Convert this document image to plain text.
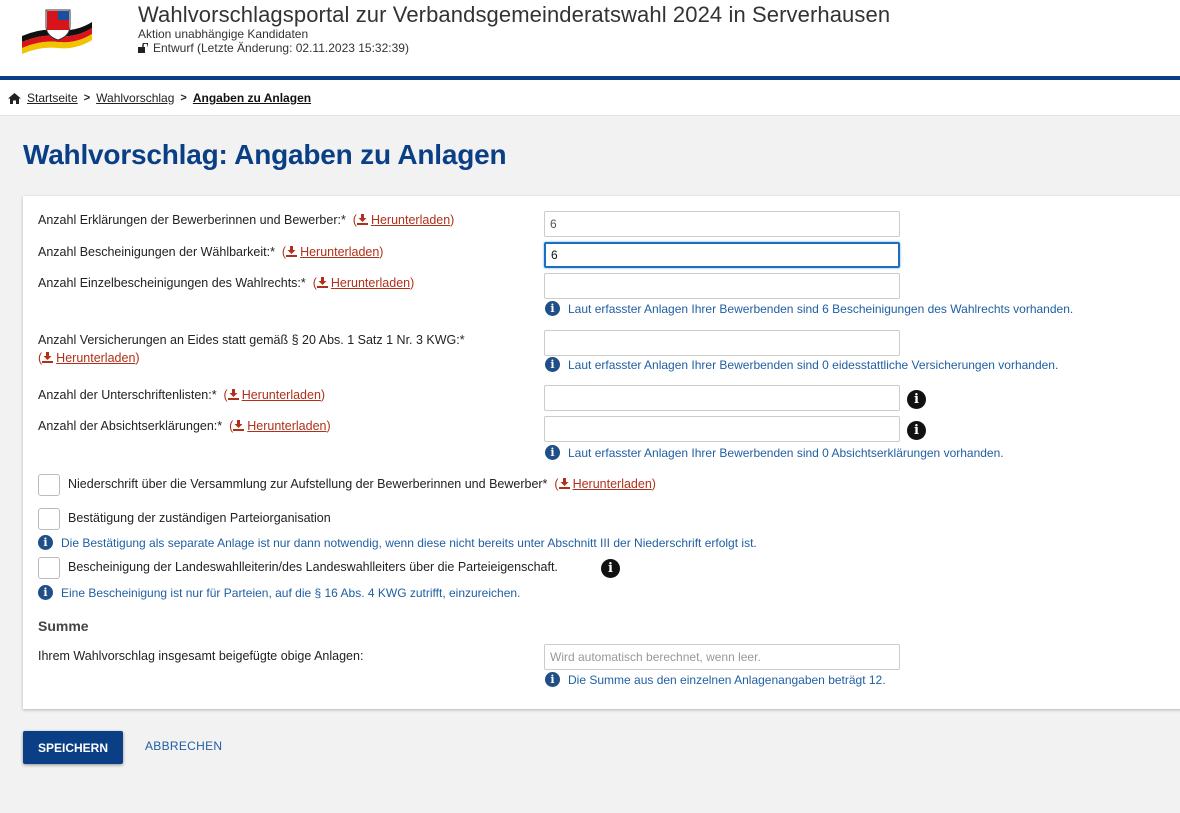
Wahlvorschlagsportal zur Verbandsgemeinderatswahl 2024 in Serverhausen
Aktion unabhängige Kandidaten
Entwurf (Letzte Änderung: 02.11.2023 15:32:39)
Startseite > Wahlvorschlag > Angaben zu Anlagen
Wahlvorschlag: Angaben zu Anlagen
Anzahl Erklärungen der Bewerberinnen und Bewerber:* ( Herunterladen)
6
Anzahl Bescheinigungen der Wählbarkeit:* ( Herunterladen)
6
Anzahl Einzelbescheinigungen des Wahlrechts:* ( Herunterladen)
i	Laut erfasster Anlagen Ihrer Bewerbenden sind 6 Bescheinigungen des Wahlrechts vorhanden.
Anzahl Versicherungen an Eides statt gemäß § 20 Abs. 1 Satz 1 Nr. 3 KWG:*
( Herunterladen)	i	Laut erfasster Anlagen Ihrer Bewerbenden sind 0 eidesstattliche Versicherungen vorhanden.
Anzahl der Unterschriftenlisten:* ( Herunterladen)	i
Anzahl der Absichtserklärungen:* ( Herunterladen)	i
i	Laut erfasster Anlagen Ihrer Bewerbenden sind 0 Absichtserklärungen vorhanden.
Niederschrift über die Versammlung zur Aufstellung der Bewerberinnen und Bewerber* ( Herunterladen)
Bestätigung der zuständigen Parteiorganisation
i	Die Bestätigung als separate Anlage ist nur dann notwendig, wenn diese nicht bereits unter Abschnitt III der Niederschrift erfolgt ist.
Bescheinigung der Landeswahlleiterin/des Landeswahlleiters über die Parteieigenschaft.	i
i	Eine Bescheinigung ist nur für Parteien, auf die § 16 Abs. 4 KWG zutrifft, einzureichen.
Summe
Ihrem Wahlvorschlag insgesamt beigefügte obige Anlagen:
Wird automatisch berechnet, wenn leer.
i	Die Summe aus den einzelnen Anlagenangaben beträgt 12.
SPEICHERN	ABBRECHEN
